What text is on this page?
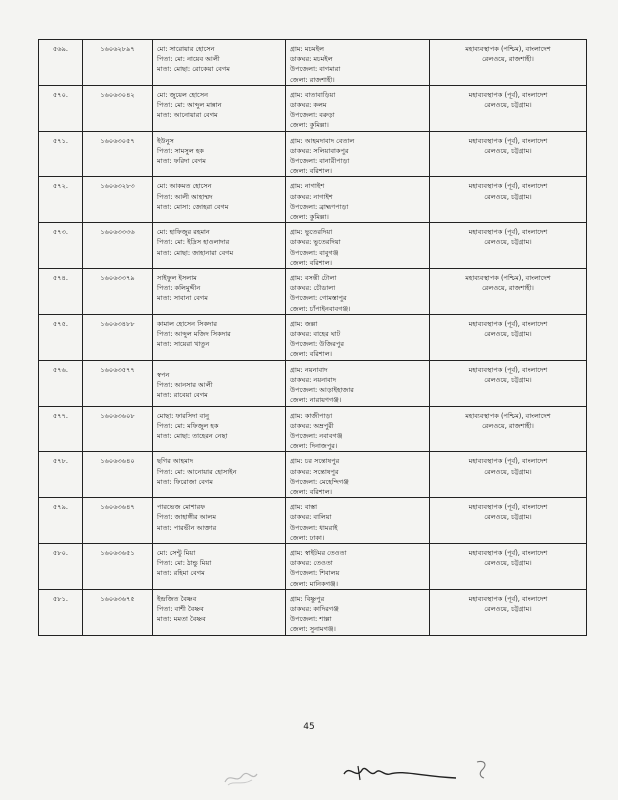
৫৬৯.	১৬০৬২৮৯৭	মো: সারোয়ার হোসেন
পিতা: মো: নায়েব আলী
মাতা: মোছা: রোকেয়া বেগম	গ্রাম: মচমইল
ডাকঘর: মচমইল
উপজেলা: বাগমারা
জেলা: রাজশাহী।	মহাব্যবস্থাপক (পশ্চিম), বাংলাদেশ
রেলওয়ে, রাজশাহী।

৫৭০.	১৬০৬৩০৪২	মো: জুয়েল হোসেন
পিতা: মো: আব্দুল মান্নান
মাতা: আনোয়ারা বেগম	গ্রাম: বাতাবাড়িয়া
ডাকঘর: কলম
উপজেলা: বরুড়া
জেলা: কুমিল্লা।	মহাব্যবস্থাপক (পূর্ব), বাংলাদেশ
রেলওয়ে, চট্টগ্রাম।

৫৭১.	১৬০৬৩০৫৭	ইউনুস
পিতা: সামসুল হক
মাতা: ফরিদা বেগম	গ্রাম: আহমদাবাদ বেতাল
ডাকঘর: সলিয়াবাকপুর
উপজেলা: বানারীপাড়া
জেলা: বরিশাল।	মহাব্যবস্থাপক (পূর্ব), বাংলাদেশ
রেলওয়ে, চট্টগ্রাম।

৫৭২.	১৬০৬৩২৮৩	মো: আকমত হোসেন
পিতা: আলী আহাম্মদ
মাতা: মোসা: জোহরা বেগম	গ্রাম: নাগাইশ
ডাকঘর: নাগাইশ
উপজেলা: ব্রাহ্মণপাড়া
জেলা: কুমিল্লা।	মহাব্যবস্থাপক (পূর্ব), বাংলাদেশ
রেলওয়ে, চট্টগ্রাম।

৫৭৩.	১৬০৬৩৩৩৬	মো: হাফিজুর রহমান
পিতা: মো: ইদ্রিস হাওলাদার
মাতা: মোছা: জাহানারা বেগম	গ্রাম: ভুতেরদিয়া
ডাকঘর: ভুতেরদিয়া
উপজেলা: বাবুগঞ্জ
জেলা: বরিশাল।	মহাব্যবস্থাপক (পূর্ব), বাংলাদেশ
রেলওয়ে, চট্টগ্রাম।

৫৭৪.	১৬০৬৩৩৭৯	সাইফুল ইসলাম
পিতা: কলিমুদ্দীন
মাতা: সাবানা বেগম	গ্রাম: বসন্তী টোলা
ডাকঘর: চৌডালা
উপজেলা: গোমস্তাপুর
জেলা: চাঁপাইনবাবগঞ্জ।	মহাব্যবস্থাপক (পশ্চিম), বাংলাদেশ
রেলওয়ে, রাজশাহী।

৫৭৫.	১৬০৬৩৪৮৮	কামাল হোসেন সিকদার
পিতা: আব্দুল মজিদ সিকদার
মাতা: সায়েরা খাতুন	গ্রাম: জল্লা
ডাকঘর: বাহের ঘাট
উপজেলা: উজিরপুর
জেলা: বরিশাল।	মহাব্যবস্থাপক (পূর্ব), বাংলাদেশ
রেলওয়ে, চট্টগ্রাম।

৫৭৬.	১৬০৬৩৫৭৭	স্বপন
পিতা: আনসার আলী
মাতা: রাবেয়া বেগম	গ্রাম: নয়নাবাদ
ডাকঘর: নয়নাবাদ
উপজেলা: আড়াইহাজার
জেলা: নারায়ণগঞ্জ।	মহাব্যবস্থাপক (পূর্ব), বাংলাদেশ
রেলওয়ে, চট্টগ্রাম।

৫৭৭.	১৬০৬৩৬০৮	মোছা: ফারসিদা বানু
পিতা: মো: মফিজুল হক
মাতা: মোছা: তাহেরন নেছা	গ্রাম: কাজীপাড়া
ডাকঘর: অম্রপুরী
উপজেলা: নবাবগঞ্জ
জেলা: দিনাজপুর।	মহাব্যবস্থাপক (পশ্চিম), বাংলাদেশ
রেলওয়ে, রাজশাহী।

৫৭৮.	১৬০৬৩৬৪০	ছগির আহমাদ
পিতা: মো: আনোয়ার হোসাইন
মাতা: ফিরোজা বেগম	গ্রাম: চর সন্তোষপুর
ডাকঘর: সন্তোষপুর
উপজেলা: মেহেন্দিগঞ্জ
জেলা: বরিশাল।	মহাব্যবস্থাপক (পূর্ব), বাংলাদেশ
রেলওয়ে, চট্টগ্রাম।

৫৭৯.	১৬০৬৩৬৪৭	পারভেজ মোশারফ
পিতা: জাহাঙ্গীর আলম
মাতা: পারভীন আক্তার	গ্রাম: বাস্তা
ডাকঘর: বালিয়া
উপজেলা: ধামরাই
জেলা: ঢাকা।	মহাব্যবস্থাপক (পূর্ব), বাংলাদেশ
রেলওয়ে, চট্টগ্রাম।

৫৮০.	১৬০৬৩৬৫১	মো: সেন্টু মিয়া
পিতা: মো: ঠান্ডু মিয়া
মাতা: রহিমা বেগম	গ্রাম: স্বাইটমর তেওতা
ডাকঘর: তেওতা
উপজেলা: শিবালয়
জেলা: মানিকগঞ্জ।	মহাব্যবস্থাপক (পূর্ব), বাংলাদেশ
রেলওয়ে, চট্টগ্রাম।

৫৮১.	১৬০৬৩৬৭৫	ইন্দ্রজিত বৈষ্ণব
পিতা: বাশী বৈষ্ণব
মাতা: মমতা বৈষ্ণব	গ্রাম: বিষ্ণুপুর
ডাকঘর: কাদিরগঞ্জ
উপজেলা: শাল্লা
জেলা: সুনামগঞ্জ।	মহাব্যবস্থাপক (পূর্ব), বাংলাদেশ
রেলওয়ে, চট্টগ্রাম।
45
